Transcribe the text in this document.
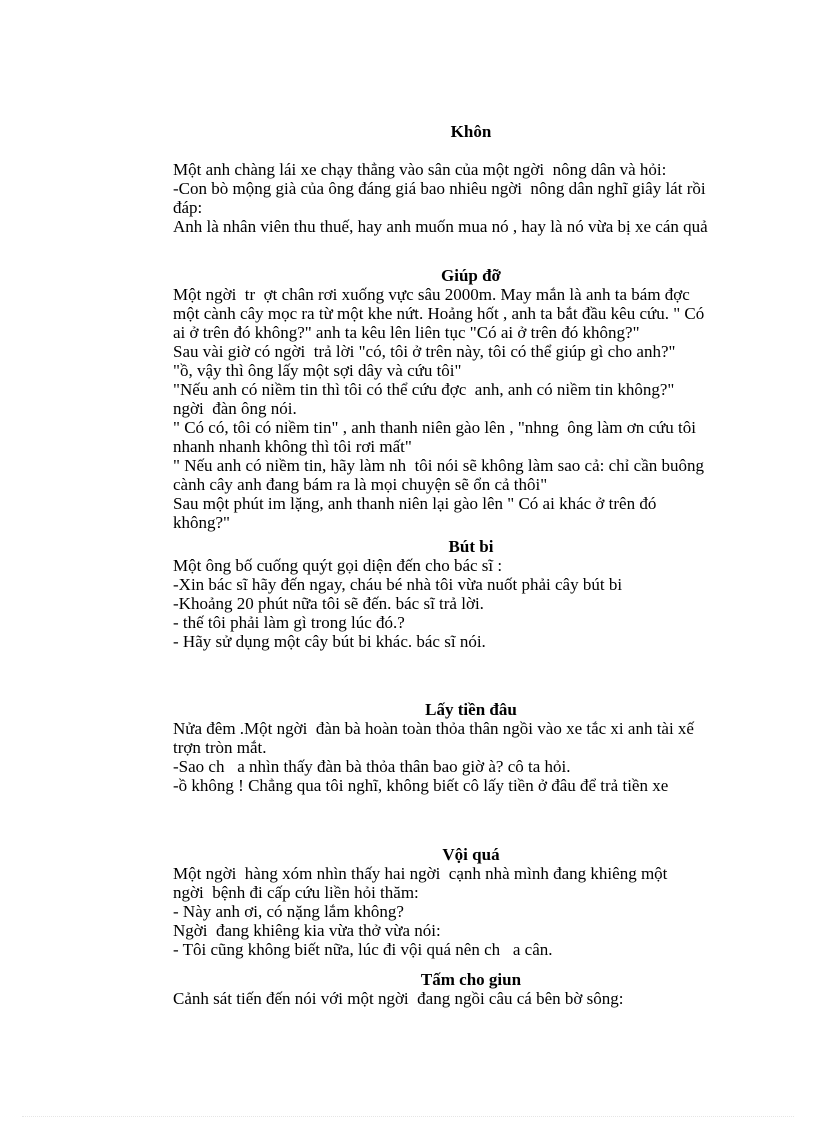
Khôn

Một anh chàng lái xe chạy thẳng vào sân của một ngời  nông dân và hỏi:

-Con bò mộng già của ông đáng giá bao nhiêu ngời  nông dân nghĩ giây lát rồi

đáp:

Anh là nhân viên thu thuế, hay anh muốn mua nó , hay là nó vừa bị xe cán quả

Giúp đỡ

Một ngời  tr  ợt chân rơi xuống vực sâu 2000m. May mắn là anh ta bám đợc

một cành cây mọc ra từ một khe nứt. Hoảng hốt , anh ta bắt đầu kêu cứu. " Có

ai ở trên đó không?" anh ta kêu lên liên tục "Có ai ở trên đó không?"

Sau vài giờ có ngời  trả lời "có, tôi ở trên này, tôi có thể giúp gì cho anh?"

"ồ, vậy thì ông lấy một sợi dây và cứu tôi"

"Nếu anh có niềm tin thì tôi có thể cứu đợc  anh, anh có niềm tin không?"

ngời  đàn ông nói.

" Có có, tôi có niềm tin" , anh thanh niên gào lên , "nhng  ông làm ơn cứu tôi

nhanh nhanh không thì tôi rơi mất"

" Nếu anh có niềm tin, hãy làm nh  tôi nói sẽ không làm sao cả: chỉ cần buông

cành cây anh đang bám ra là mọi chuyện sẽ ổn cả thôi"

Sau một phút im lặng, anh thanh niên lại gào lên " Có ai khác ở trên đó

không?"

Bút bi

Một ông bố cuống quýt gọi diện đến cho bác sĩ :

-Xin bác sĩ hãy đến ngay, cháu bé nhà tôi vừa nuốt phải cây bút bi

-Khoảng 20 phút nữa tôi sẽ đến. bác sĩ trả lời.

- thế tôi phải làm gì trong lúc đó.?

- Hãy sử dụng một cây bút bi khác. bác sĩ nói.

Lấy tiền đâu

Nửa đêm .Một ngời  đàn bà hoàn toàn thỏa thân ngồi vào xe tắc xi anh tài xế

trợn tròn mắt.

-Sao ch   a nhìn thấy đàn bà thỏa thân bao giờ à? cô ta hỏi.

-ồ không ! Chẳng qua tôi nghĩ, không biết cô lấy tiền ở đâu để trả tiền xe

Vội quá

Một ngời  hàng xóm nhìn thấy hai ngời  cạnh nhà mình đang khiêng một

ngời  bệnh đi cấp cứu liền hỏi thăm:

- Này anh ơi, có nặng lắm không?

Ngời  đang khiêng kia vừa thở vừa nói:

- Tôi cũng không biết nữa, lúc đi vội quá nên ch   a cân.

Tấm cho giun

Cảnh sát tiến đến nói với một ngời  đang ngồi câu cá bên bờ sông:
